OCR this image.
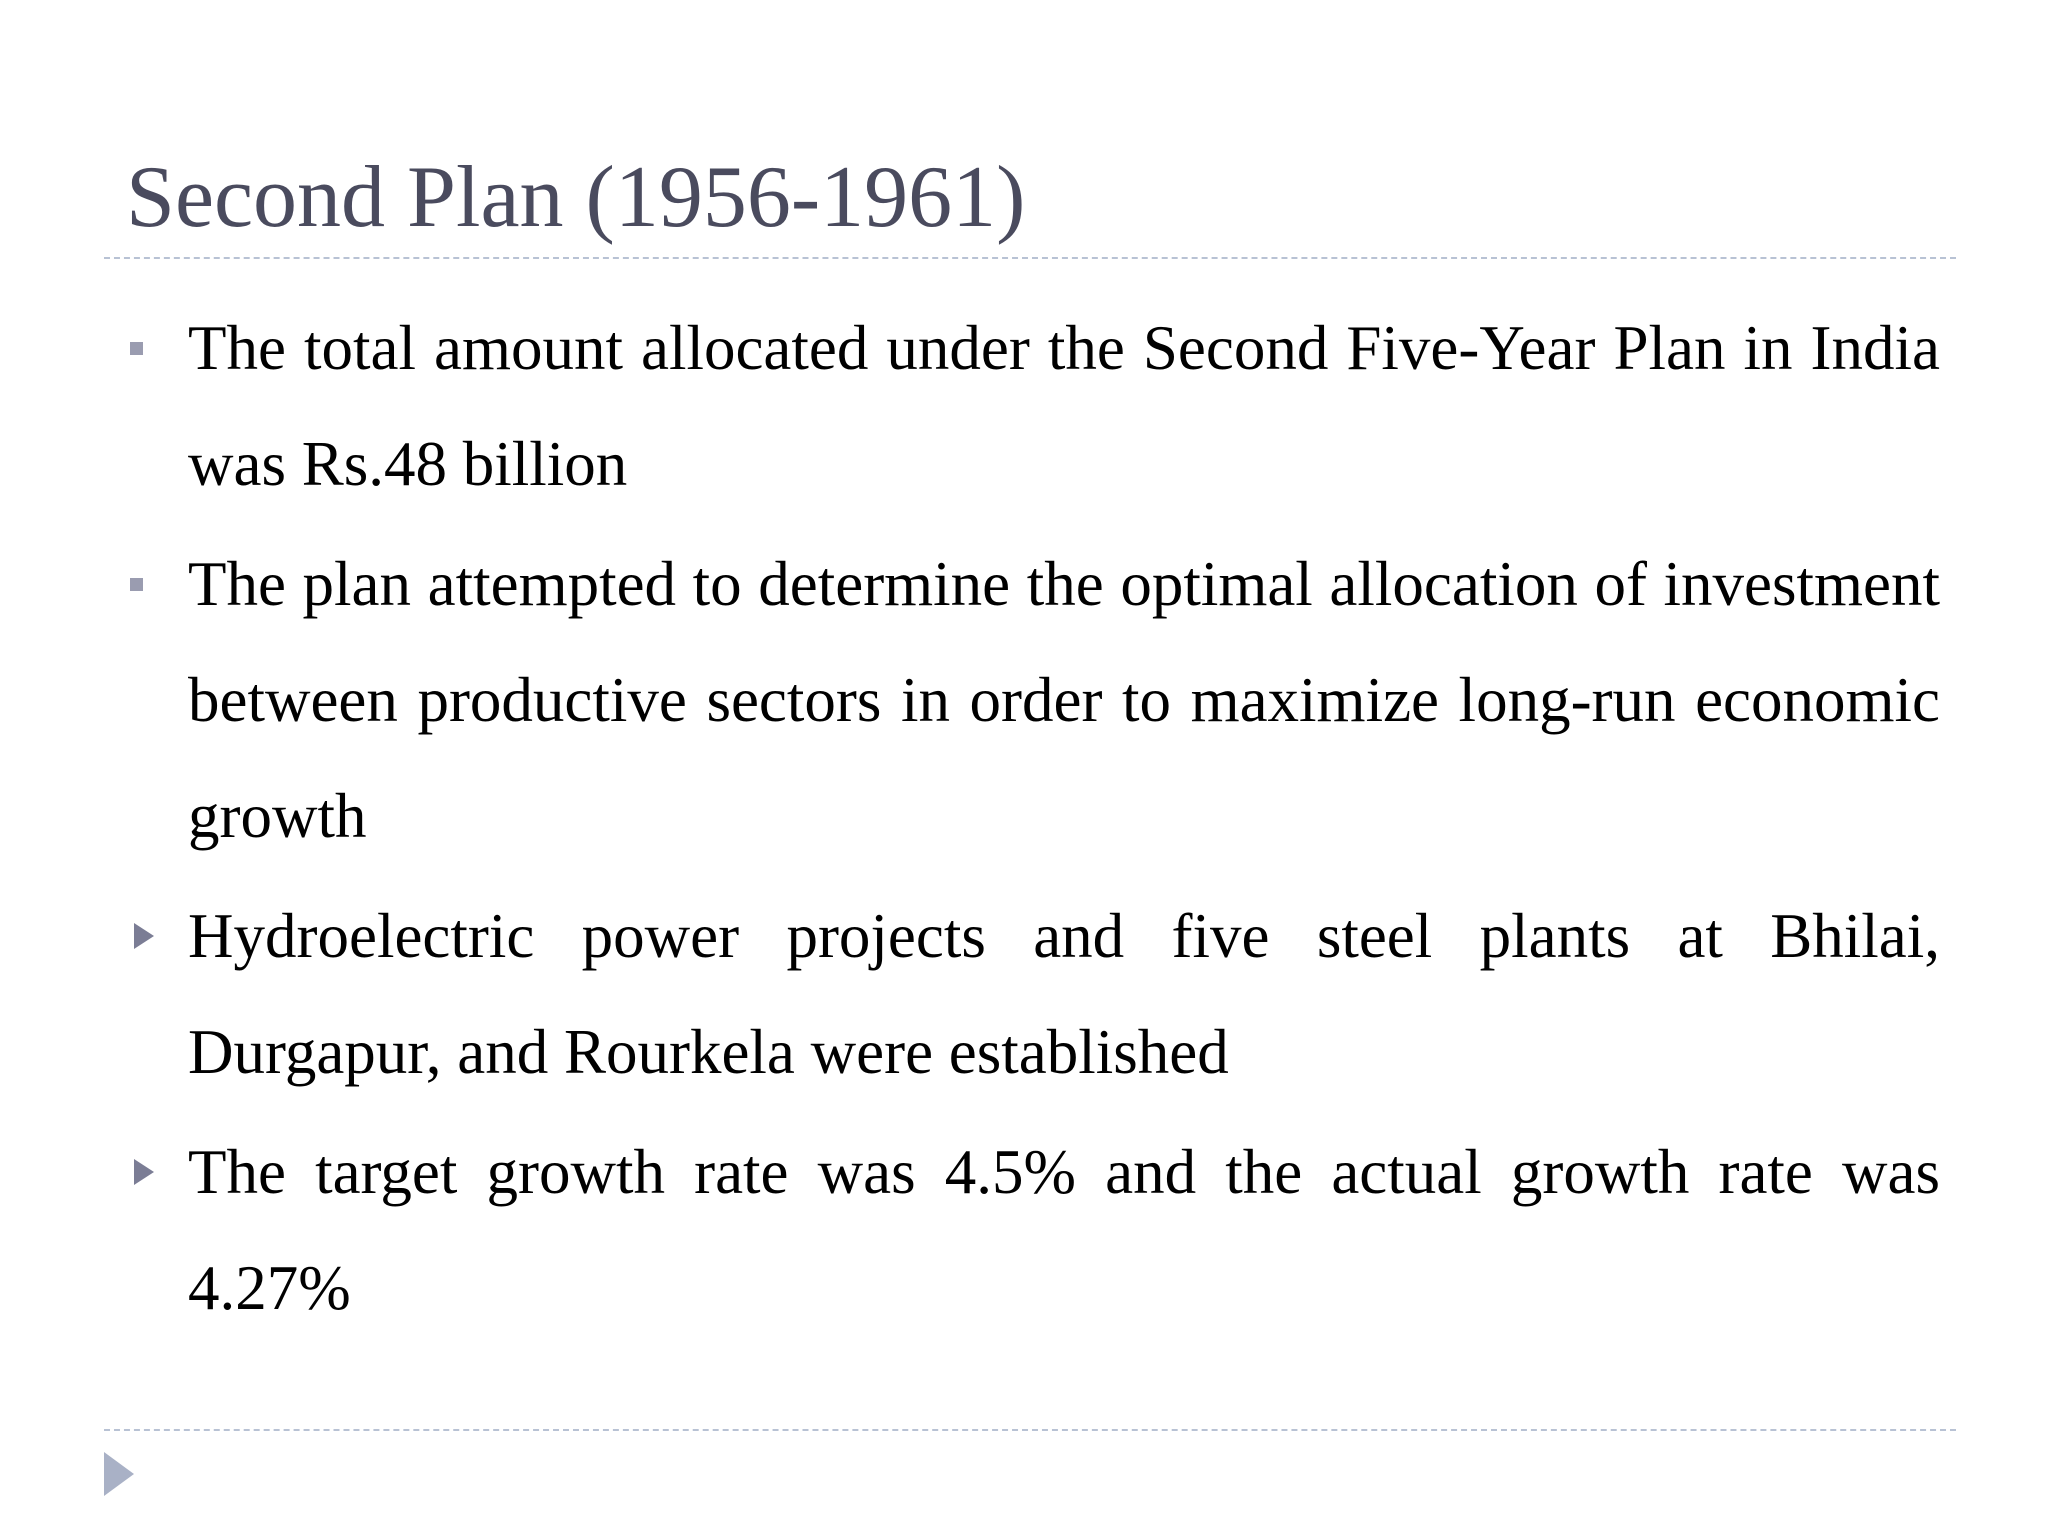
Second Plan (1956-1961)
The total amount allocated under the Second Five-Year Plan in India was Rs.48 billion
The plan attempted to determine the optimal allocation of investment between productive sectors in order to maximize long-run economic growth
Hydroelectric power projects and five steel plants at Bhilai, Durgapur, and Rourkela were established
The target growth rate was 4.5% and the actual growth rate was 4.27%
